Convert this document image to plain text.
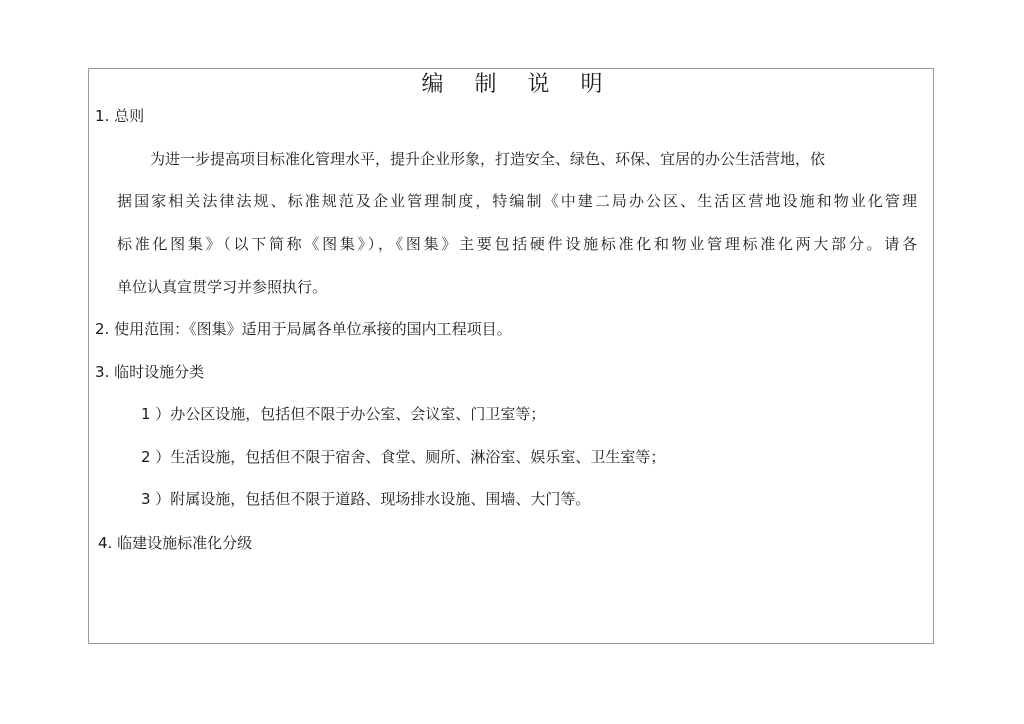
编 制 说 明
1. 总则
为进一步提高项目标准化管理水平，提升企业形象，打造安全、绿色、环保、宜居的办公生活营地，依
据国家相关法律法规、标准规范及企业管理制度，特编制《中建二局办公区、生活区营地设施和物业化管理
标准化图集》（以下简称《图集》），《图集》主要包括硬件设施标准化和物业管理标准化两大部分。请各
单位认真宣贯学习并参照执行。
2. 使用范围：《图集》适用于局属各单位承接的国内工程项目。
3. 临时设施分类
1 ）办公区设施，包括但不限于办公室、会议室、门卫室等；
2 ）生活设施，包括但不限于宿舍、食堂、厕所、淋浴室、娱乐室、卫生室等；
3 ）附属设施，包括但不限于道路、现场排水设施、围墙、大门等。
4. 临建设施标准化分级
